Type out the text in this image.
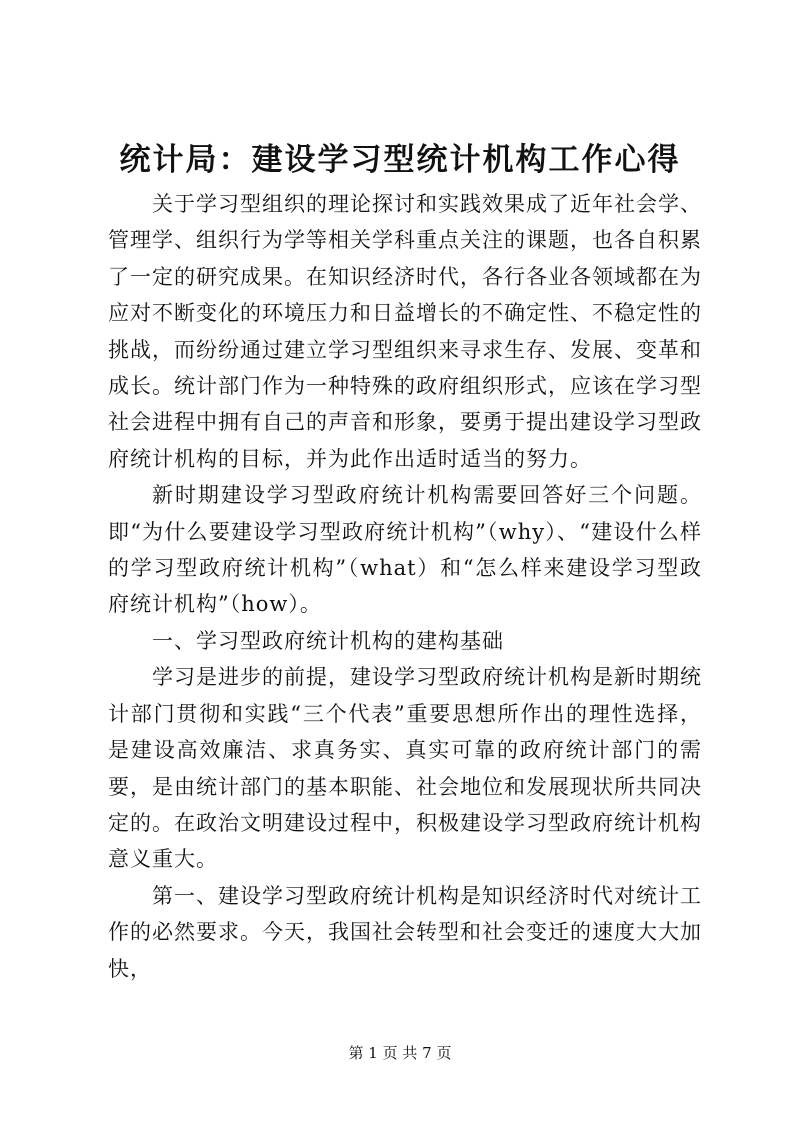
统计局：建设学习型统计机构工作心得

关于学习型组织的理论探讨和实践效果成了近年社会学、管理学、组织行为学等相关学科重点关注的课题，也各自积累了一定的研究成果。在知识经济时代，各行各业各领域都在为应对不断变化的环境压力和日益增长的不确定性、不稳定性的挑战，而纷纷通过建立学习型组织来寻求生存、发展、变革和成长。统计部门作为一种特殊的政府组织形式，应该在学习型社会进程中拥有自己的声音和形象，要勇于提出建设学习型政府统计机构的目标，并为此作出适时适当的努力。

新时期建设学习型政府统计机构需要回答好三个问题。即“为什么要建设学习型政府统计机构”（why）、“建设什么样的学习型政府统计机构”（what）和“怎么样来建设学习型政府统计机构”（how）。

一、学习型政府统计机构的建构基础

学习是进步的前提，建设学习型政府统计机构是新时期统计部门贯彻和实践“三个代表”重要思想所作出的理性选择，是建设高效廉洁、求真务实、真实可靠的政府统计部门的需要，是由统计部门的基本职能、社会地位和发展现状所共同决定的。在政治文明建设过程中，积极建设学习型政府统计机构意义重大。

第一、建设学习型政府统计机构是知识经济时代对统计工作的必然要求。今天，我国社会转型和社会变迁的速度大大加快，

第 1 页 共 7 页
